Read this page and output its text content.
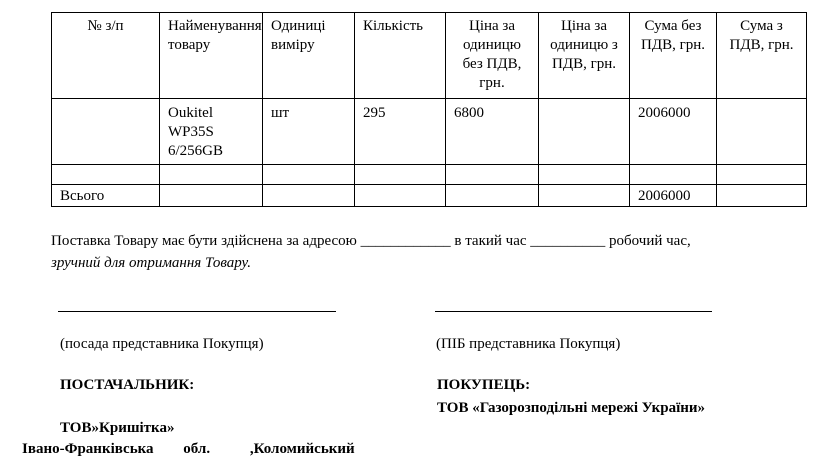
№ з/п	Найменування товару	Одиниці виміру	Кількість	Ціна за одиницю без ПДВ, грн.	Ціна за одиницю з ПДВ, грн.	Сума без ПДВ, грн.	Сума з ПДВ, грн.
	Oukitel WP35S 6/256GB	шт	295	6800		2006000	

Всього						2006000	
Поставка Товару має бути здійснена за адресою ____________ в такий час __________ робочий час,
зручний для отримання Товару.
(посада представника Покупця)	(ПІБ представника Покупця)
ПОСТАЧАЛЬНИК:	ПОКУПЕЦЬ:
ТОВ «Газорозподільні мережі України»
ТОВ»Кришітка»
Івано-Франківська обл.	,Коломийський
